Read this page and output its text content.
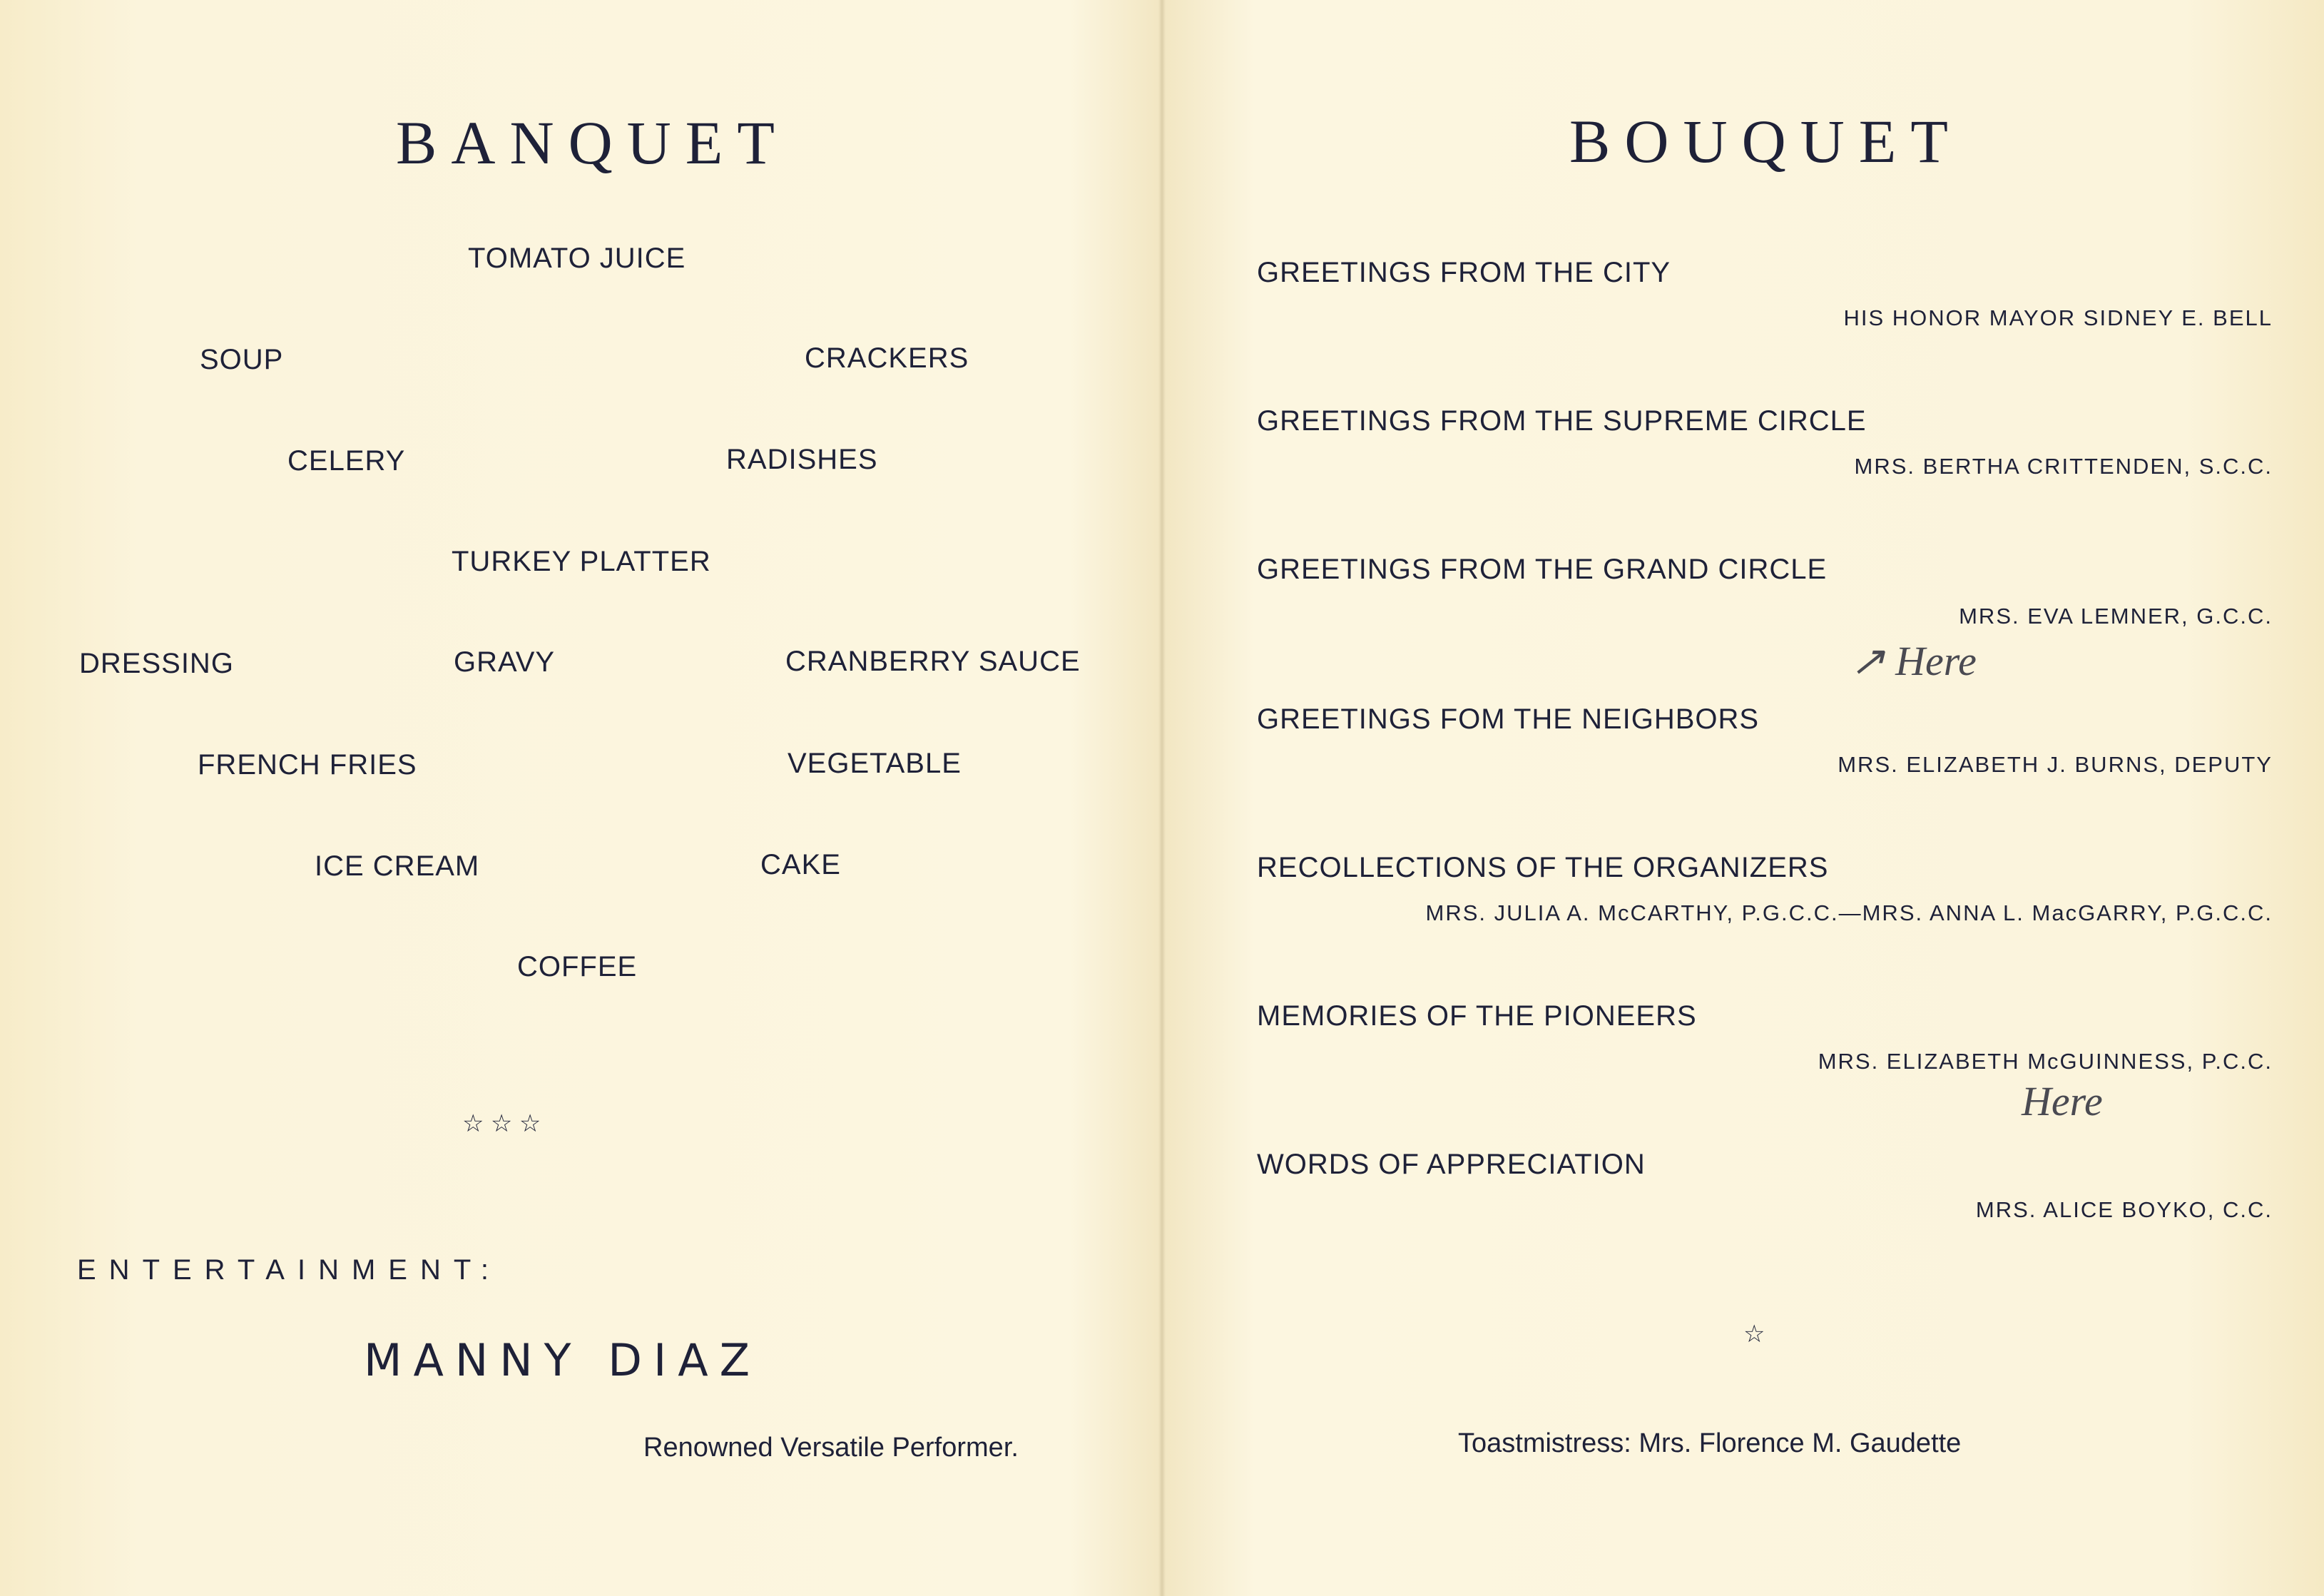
BANQUET
TOMATO JUICE
SOUP	CRACKERS
CELERY	RADISHES
TURKEY PLATTER
DRESSING	GRAVY	CRANBERRY SAUCE
FRENCH FRIES	VEGETABLE
ICE CREAM	CAKE
COFFEE
☆ ☆ ☆
ENTERTAINMENT:
MANNY DIAZ
Renowned Versatile Performer.
BOUQUET
GREETINGS FROM THE CITY
HIS HONOR MAYOR SIDNEY E. BELL
GREETINGS FROM THE SUPREME CIRCLE
MRS. BERTHA CRITTENDEN, S.C.C.
GREETINGS FROM THE GRAND CIRCLE
MRS. EVA LEMNER, G.C.C.
↗ Here
GREETINGS FOM THE NEIGHBORS
MRS. ELIZABETH J. BURNS, DEPUTY
RECOLLECTIONS OF THE ORGANIZERS
MRS. JULIA A. McCARTHY, P.G.C.C.—MRS. ANNA L. MacGARRY, P.G.C.C.
MEMORIES OF THE PIONEERS
MRS. ELIZABETH McGUINNESS, P.C.C.
Here
WORDS OF APPRECIATION
MRS. ALICE BOYKO, C.C.
☆
Toastmistress: Mrs. Florence M. Gaudette
